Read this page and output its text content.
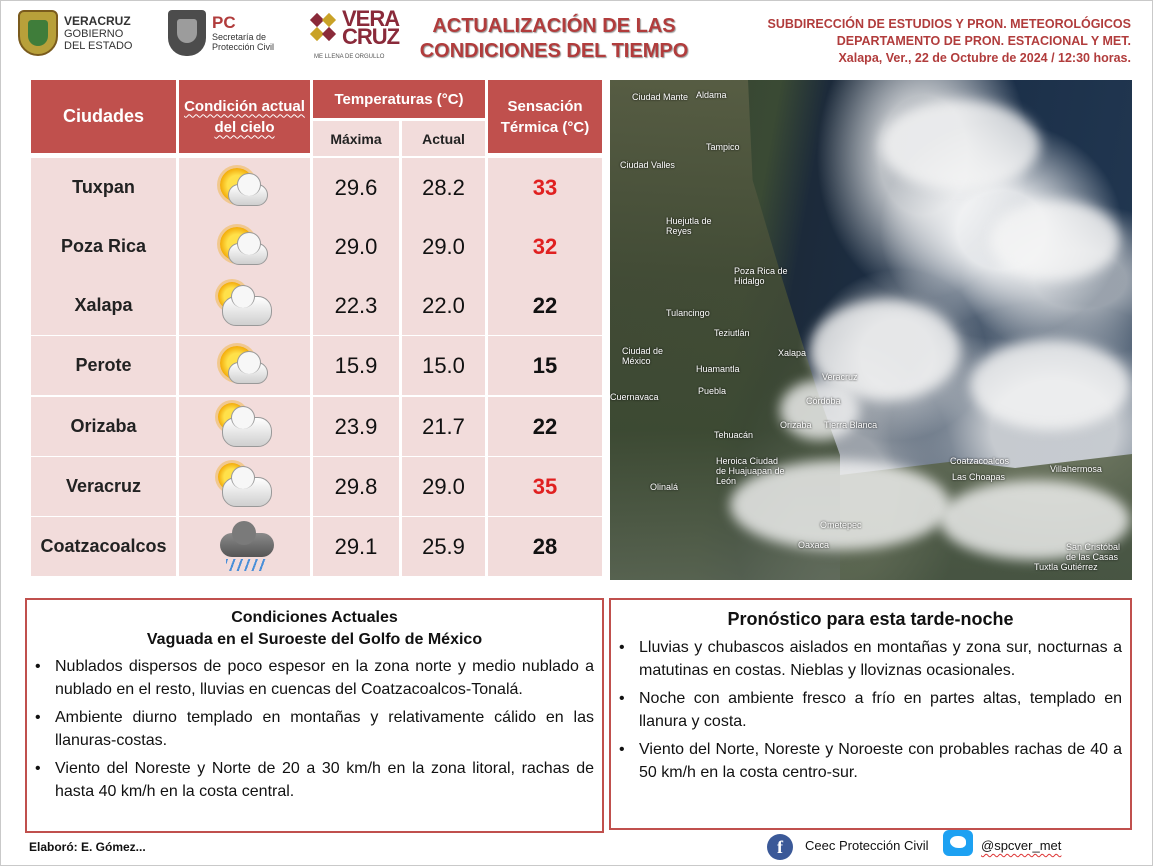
VERACRUZ
GOBIERNO
DEL ESTADO
PC
Secretaría de
Protección Civil
VERA
CRUZ
ME LLENA DE ORGULLO
ACTUALIZACIÓN DE LAS
CONDICIONES DEL TIEMPO
SUBDIRECCIÓN DE ESTUDIOS Y PRON. METEOROLÓGICOS
DEPARTAMENTO DE PRON. ESTACIONAL Y MET.
Xalapa, Ver., 22 de Octubre de 2024 / 12:30 horas.
Ciudades	Condición actual del cielo
Temperaturas (°C)	Sensación Térmica (°C)
Máxima	Actual
Tuxpan	29.6 28.2	33
Poza Rica	29.0 29.0	32
Xalapa	22.3 22.0	22
Perote	15.9 15.0	15
Orizaba	23.9 21.7	22
Veracruz	29.8 29.0	35
Coatzacoalcos	29.1 25.9	28
Ciudad Mante Aldama
Tampico
Ciudad Valles
Huejutla de Reyes
Poza Rica de Hidalgo
Tulancingo
Teziutlán
Ciudad de México
Huamantla
Xalapa
Puebla
Veracruz
Cuernavaca	Córdoba
Orizaba
Tehuacán
Tierra Blanca
Heroica Ciudad de Huajuapan de León
Oaxaca
Coatzacoalcos
Las Choapas
Villahermosa
San Cristóbal de las Casas
Tuxtla Gutiérrez
Ometepec
Olinalá
Condiciones Actuales
Vaguada en el Suroeste del Golfo de México
• Nublados dispersos de poco espesor en la zona norte y medio nublado a nublado en el resto, lluvias en cuencas del Coatzacoalcos-Tonalá.
• Ambiente diurno templado en montañas y relativamente cálido en las llanuras-costas.
• Viento del Noreste y Norte de 20 a 30 km/h en la zona litoral, rachas de hasta 40 km/h en la costa central.
Pronóstico para esta tarde-noche
• Lluvias y chubascos aislados en montañas y zona sur, nocturnas a matutinas en costas. Nieblas y lloviznas ocasionales.
• Noche con ambiente fresco a frío en partes altas, templado en llanura y costa.
• Viento del Norte, Noreste y Noroeste con probables rachas de 40 a 50 km/h en la costa centro-sur.
Elaboró: E. Gómez...	f	Ceec Protección Civil	@spcver_met
